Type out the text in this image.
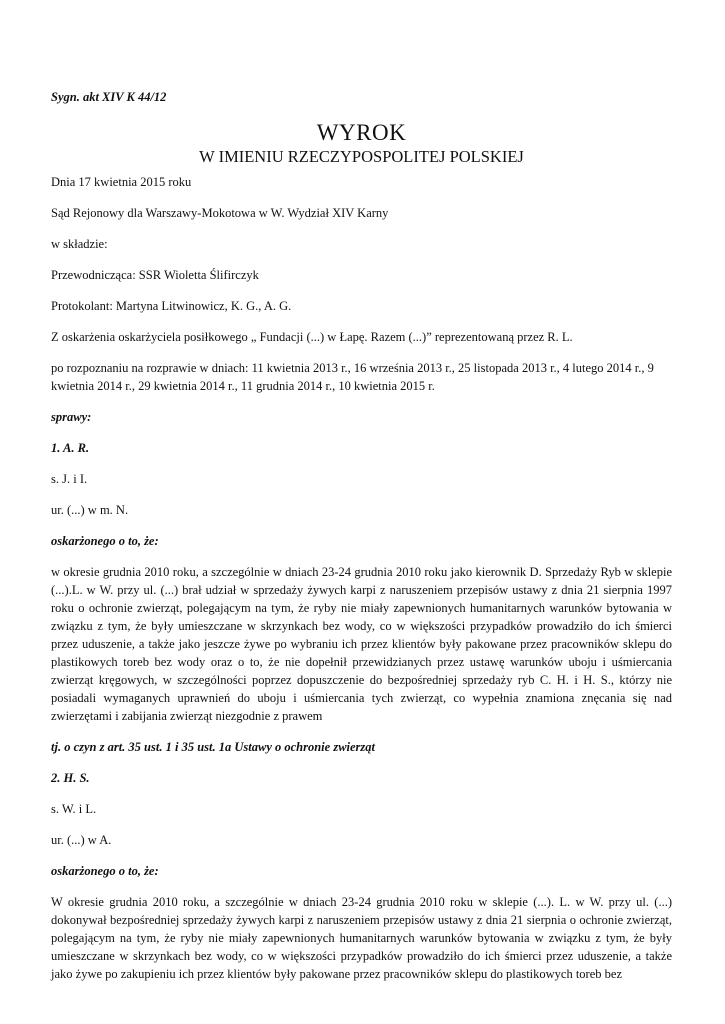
Sygn. akt XIV K 44/12

WYROK
W IMIENIU RZECZYPOSPOLITEJ POLSKIEJ

Dnia 17 kwietnia 2015 roku

Sąd Rejonowy dla Warszawy-Mokotowa w W. Wydział XIV Karny

w składzie:

Przewodnicząca: SSR Wioletta Ślifirczyk

Protokolant: Martyna Litwinowicz, K. G., A. G.

Z oskarżenia oskarżyciela posiłkowego „ Fundacji (...) w Łapę. Razem (...)” reprezentowaną przez R. L.

po rozpoznaniu na rozprawie w dniach: 11 kwietnia 2013 r., 16 września 2013 r., 25 listopada 2013 r., 4 lutego 2014 r., 9 kwietnia 2014 r., 29 kwietnia 2014 r., 11 grudnia 2014 r., 10 kwietnia 2015 r.

sprawy:

1. A. R.

s. J. i I.

ur. (...) w m. N.

oskarżonego o to, że:

w okresie grudnia 2010 roku, a szczególnie w dniach 23-24 grudnia 2010 roku jako kierownik D. Sprzedaży Ryb w sklepie (...).L. w W. przy ul. (...) brał udział w sprzedaży żywych karpi z naruszeniem przepisów ustawy z dnia 21 sierpnia 1997 roku o ochronie zwierząt, polegającym na tym, że ryby nie miały zapewnionych humanitarnych warunków bytowania w związku z tym, że były umieszczane w skrzynkach bez wody, co w większości przypadków prowadziło do ich śmierci przez uduszenie, a także jako jeszcze żywe po wybraniu ich przez klientów były pakowane przez pracowników sklepu do plastikowych toreb bez wody oraz o to, że nie dopełnił przewidzianych przez ustawę warunków uboju i uśmiercania zwierząt kręgowych, w szczególności poprzez dopuszczenie do bezpośredniej sprzedaży ryb C. H. i H. S., którzy nie posiadali wymaganych uprawnień do uboju i uśmiercania tych zwierząt, co wypełnia znamiona znęcania się nad zwierzętami i zabijania zwierząt niezgodnie z prawem

tj. o czyn z art. 35 ust. 1 i 35 ust. 1a Ustawy o ochronie zwierząt

2. H. S.

s. W. i L.

ur. (...) w A.

oskarżonego o to, że:

W okresie grudnia 2010 roku, a szczególnie w dniach 23-24 grudnia 2010 roku w sklepie (...). L. w W. przy ul. (...) dokonywał bezpośredniej sprzedaży żywych karpi z naruszeniem przepisów ustawy z dnia 21 sierpnia o ochronie zwierząt, polegającym na tym, że ryby nie miały zapewnionych humanitarnych warunków bytowania w związku z tym, że były umieszczane w skrzynkach bez wody, co w większości przypadków prowadziło do ich śmierci przez uduszenie, a także jako żywe po zakupieniu ich przez klientów były pakowane przez pracowników sklepu do plastikowych toreb bez
